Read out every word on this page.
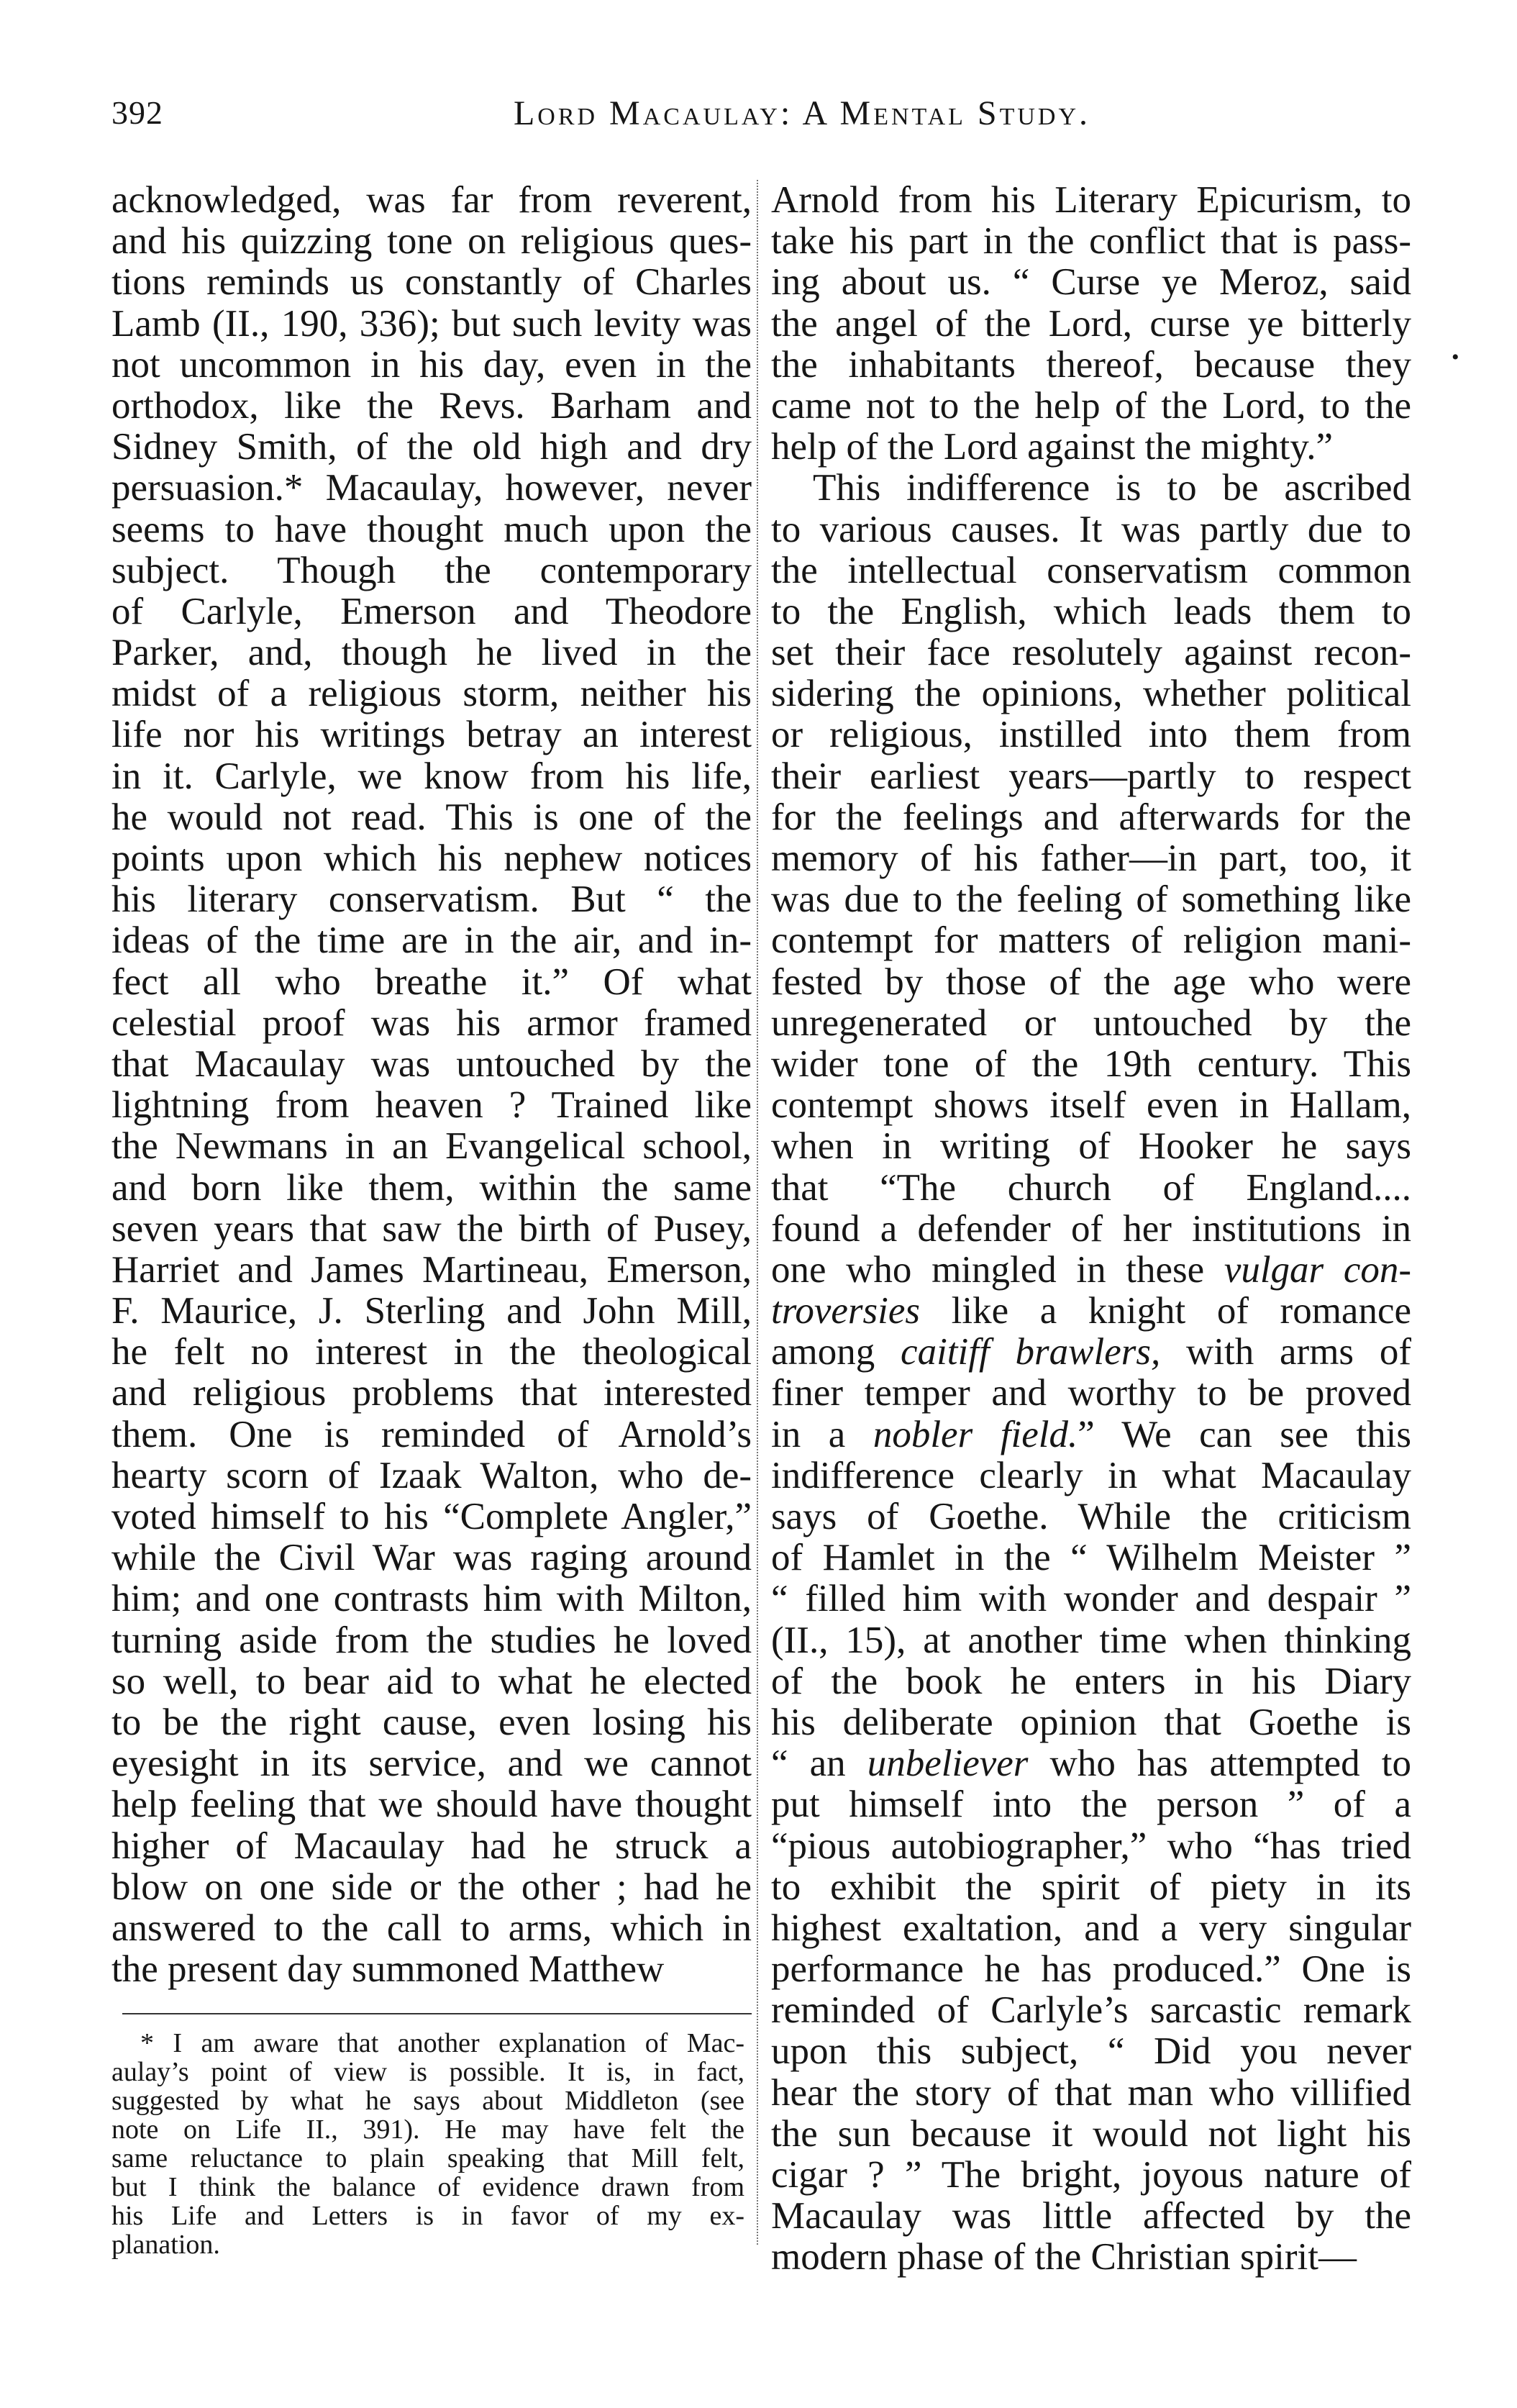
392	Lord Macaulay: A Mental Study.
acknowledged, was far from reverent,
and his quizzing tone on religious ques-
tions reminds us constantly of Charles
Lamb (II., 190, 336); but such levity was
not uncommon in his day, even in the
orthodox, like the Revs. Barham and
Sidney Smith, of the old high and dry
persuasion.* Macaulay, however, never
seems to have thought much upon the
subject. Though the contemporary
of Carlyle, Emerson and Theodore
Parker, and, though he lived in the
midst of a religious storm, neither his
life nor his writings betray an interest
in it. Carlyle, we know from his life,
he would not read. This is one of the
points upon which his nephew notices
his literary conservatism. But “ the
ideas of the time are in the air, and in-
fect all who breathe it.” Of what
celestial proof was his armor framed
that Macaulay was untouched by the
lightning from heaven ? Trained like
the Newmans in an Evangelical school,
and born like them, within the same
seven years that saw the birth of Pusey,
Harriet and James Martineau, Emerson,
F. Maurice, J. Sterling and John Mill,
he felt no interest in the theological
and religious problems that interested
them. One is reminded of Arnold’s
hearty scorn of Izaak Walton, who de-
voted himself to his “Complete Angler,”
while the Civil War was raging around
him; and one contrasts him with Milton,
turning aside from the studies he loved
so well, to bear aid to what he elected
to be the right cause, even losing his
eyesight in its service, and we cannot
help feeling that we should have thought
higher of Macaulay had he struck a
blow on one side or the other ; had he
answered to the call to arms, which in
the present day summoned Matthew
Arnold from his Literary Epicurism, to
take his part in the conflict that is pass-
ing about us. “ Curse ye Meroz, said
the angel of the Lord, curse ye bitterly
the inhabitants thereof, because they
came not to the help of the Lord, to the
help of the Lord against the mighty.”
This indifference is to be ascribed
to various causes. It was partly due to
the intellectual conservatism common
to the English, which leads them to
set their face resolutely against recon-
sidering the opinions, whether political
or religious, instilled into them from
their earliest years—partly to respect
for the feelings and afterwards for the
memory of his father—in part, too, it
was due to the feeling of something like
contempt for matters of religion mani-
fested by those of the age who were
unregenerated or untouched by the
wider tone of the 19th century. This
contempt shows itself even in Hallam,
when in writing of Hooker he says
that “The church of England....
found a defender of her institutions in
one who mingled in these vulgar con-
troversies like a knight of romance
among caitiff brawlers, with arms of
finer temper and worthy to be proved
in a nobler field.” We can see this
indifference clearly in what Macaulay
says of Goethe. While the criticism
of Hamlet in the “ Wilhelm Meister ”
“ filled him with wonder and despair ”
(II., 15), at another time when thinking
of the book he enters in his Diary
his deliberate opinion that Goethe is
“ an unbeliever who has attempted to
put himself into the person ” of a
“pious autobiographer,” who “has tried
to exhibit the spirit of piety in its
highest exaltation, and a very singular
performance he has produced.” One is
reminded of Carlyle’s sarcastic remark
upon this subject, “ Did you never
hear the story of that man who villified
the sun because it would not light his
cigar ? ” The bright, joyous nature of
Macaulay was little affected by the
modern phase of the Christian spirit—
* I am aware that another explanation of Mac-
aulay’s point of view is possible. It is, in fact,
suggested by what he says about Middleton (see
note on Life II., 391). He may have felt the
same reluctance to plain speaking that Mill felt,
but I think the balance of evidence drawn from
his Life and Letters is in favor of my ex-
planation.
•
